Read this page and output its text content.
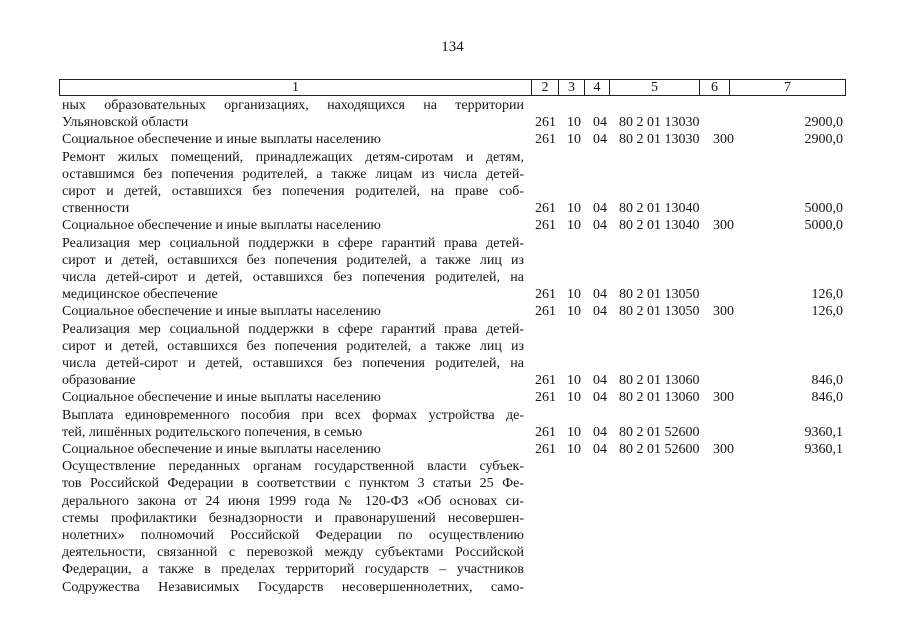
134
1	2	3	4	5	6	7
ных образовательных организациях, находящихся на территории
Ульяновской области	261 10 04 80 2 01 13030	2900,0
Социальное обеспечение и иные выплаты населению	261 10 04 80 2 01 13030 300	2900,0
Ремонт жилых помещений, принадлежащих детям-сиротам и детям,
оставшимся без попечения родителей, а также лицам из числа детей-
сирот и детей, оставшихся без попечения родителей, на праве соб-
ственности	261 10 04 80 2 01 13040	5000,0
Социальное обеспечение и иные выплаты населению	261 10 04 80 2 01 13040 300	5000,0
Реализация мер социальной поддержки в сфере гарантий права детей-
сирот и детей, оставшихся без попечения родителей, а также лиц из
числа детей-сирот и детей, оставшихся без попечения родителей, на
медицинское обеспечение	261 10 04 80 2 01 13050	126,0
Социальное обеспечение и иные выплаты населению	261 10 04 80 2 01 13050 300	126,0
Реализация мер социальной поддержки в сфере гарантий права детей-
сирот и детей, оставшихся без попечения родителей, а также лиц из
числа детей-сирот и детей, оставшихся без попечения родителей, на
образование	261 10 04 80 2 01 13060	846,0
Социальное обеспечение и иные выплаты населению	261 10 04 80 2 01 13060 300	846,0
Выплата единовременного пособия при всех формах устройства де-
тей, лишённых родительского попечения, в семью	261 10 04 80 2 01 52600	9360,1
Социальное обеспечение и иные выплаты населению	261 10 04 80 2 01 52600 300	9360,1
Осуществление переданных органам государственной власти субъек-
тов Российской Федерации в соответствии с пунктом 3 статьи 25 Фе-
дерального закона от 24 июня 1999 года № 120-ФЗ «Об основах си-
стемы профилактики безнадзорности и правонарушений несовершен-
нолетних» полномочий Российской Федерации по осуществлению
деятельности, связанной с перевозкой между субъектами Российской
Федерации, а также в пределах территорий государств – участников
Содружества Независимых Государств несовершеннолетних, само-
